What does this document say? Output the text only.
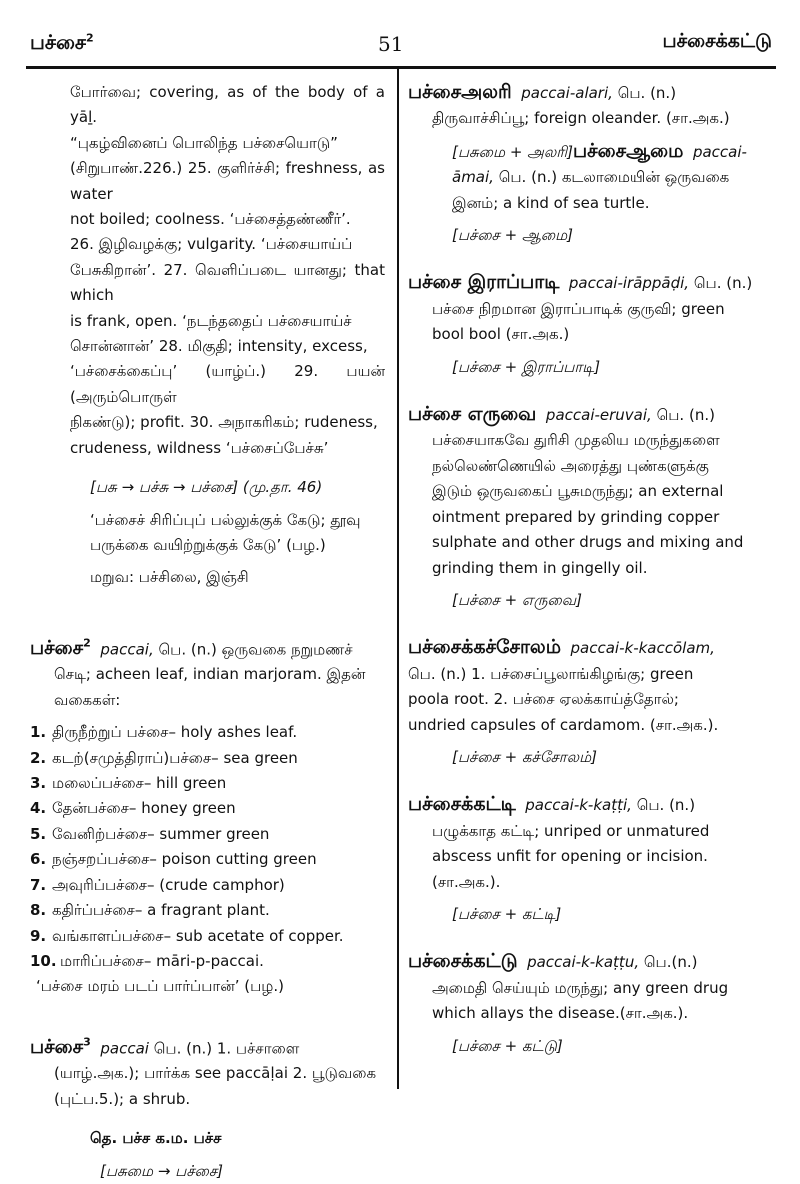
பச்சை$^2$	51	பச்சைக்கட்டு

போர்வை; covering, as of the body of a yāḻ.

“புகழ்வினைப் பொலிந்த பச்சையொடு”

(சிறுபாண்.226.) 25. குளிர்ச்சி; freshness, as water

not boiled; coolness. ‘பச்சைத்தண்ணீர்’.

26. இழிவழக்கு; vulgarity. ‘பச்சையாய்ப்

பேசுகிறான்’. 27. வெளிப்படை யானது; that which

is frank, open. ‘நடந்ததைப் பச்சையாய்ச்

சொன்னான்’ 28. மிகுதி; intensity, excess,

‘பச்சைக்கைப்பு’ (யாழ்ப்.) 29. பயன் (அரும்பொருள்

நிகண்டு); profit. 30. அநாகரிகம்; rudeness,

crudeness, wildness ‘பச்சைப்பேச்சு’

[பசு → பச்சு → பச்சை] (மு.தா. 46)

‘பச்சைச் சிரிப்புப் பல்லுக்குக் கேடு; தூவு

பருக்கை வயிற்றுக்குக் கேடு’ (பழ.)

மறுவ: பச்சிலை, இஞ்சி

பச்சை$^2$ paccai, பெ. (n.) ஒருவகை நறுமணச்

செடி; acheen leaf, indian marjoram. இதன்

வகைகள்:

1. திருநீற்றுப் பச்சை– holy ashes leaf.
2. கடற்(சமுத்திராப்)பச்சை– sea green
3. மலைப்பச்சை– hill green
4. தேன்பச்சை– honey green
5. வேனிற்பச்சை– summer green
6. நஞ்சறப்பச்சை– poison cutting green
7. அவுரிப்பச்சை– (crude camphor)
8. கதிர்ப்பச்சை– a fragrant plant.
9. வங்காளப்பச்சை– sub acetate of copper.
10. மாரிப்பச்சை– māri-p-paccai.

‘பச்சை மரம் படப் பார்ப்பான்’ (பழ.)

பச்சை$^3$ paccai பெ. (n.) 1. பச்சாளை

(யாழ்.அக.); பார்க்க see paccāḷai 2. பூடுவகை

(புட்ப.5.); a shrub.

தெ. பச்ச க.ம. பச்ச

[பசுமை → பச்சை]

பச்சைஅலரி paccai-alari, பெ. (n.)

திருவாச்சிப்பூ; foreign oleander. (சா.அக.)

[பசுமை + அலரி]பச்சைஆமை paccai-

āmai, பெ. (n.) கடலாமையின் ஒருவகை

இனம்; a kind of sea turtle.

[பச்சை + ஆமை]

பச்சை இராப்பாடி paccai-irāppāḍi, பெ. (n.)

பச்சை நிறமான இராப்பாடிக் குருவி; green

bool bool (சா.அக.)

[பச்சை + இராப்பாடி]

பச்சை எருவை paccai-eruvai, பெ. (n.)

பச்சையாகவே துரிசி முதலிய மருந்துகளை

நல்லெண்ணெயில் அரைத்து புண்களுக்கு

இடும் ஒருவகைப் பூசுமருந்து; an external

ointment prepared by grinding copper

sulphate and other drugs and mixing and

grinding them in gingelly oil.

[பச்சை + எருவை]

பச்சைக்கச்சோலம் paccai-k-kaccōlam,

பெ. (n.) 1. பச்சைப்பூலாங்கிழங்கு; green

poola root. 2. பச்சை ஏலக்காய்த்தோல்;

undried capsules of cardamom. (சா.அக.).

[பச்சை + கச்சோலம்]

பச்சைக்கட்டி paccai-k-kaṭṭi, பெ. (n.)

பழுக்காத கட்டி; unriped or unmatured

abscess unfit for opening or incision.

(சா.அக.).

[பச்சை + கட்டி]

பச்சைக்கட்டு paccai-k-kaṭṭu, பெ.(n.)

அமைதி செய்யும் மருந்து; any green drug

which allays the disease.(சா.அக.).

[பச்சை + கட்டு]
